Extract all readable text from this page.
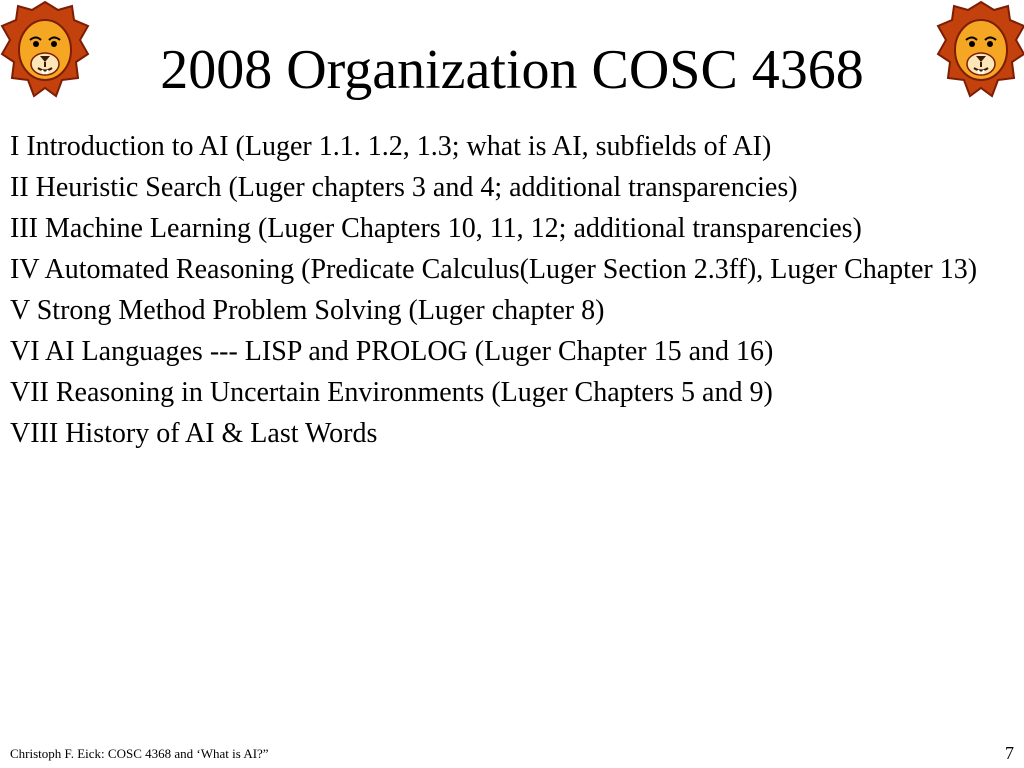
2008 Organization COSC 4368
I Introduction to AI (Luger 1.1. 1.2, 1.3; what is AI, subfields of AI)
II Heuristic Search (Luger chapters 3 and 4; additional transparencies)
III Machine Learning (Luger Chapters 10, 11, 12; additional transparencies)
IV Automated Reasoning (Predicate Calculus(Luger Section 2.3ff), Luger Chapter 13)
V Strong Method Problem Solving (Luger chapter 8)
VI AI Languages --- LISP and PROLOG (Luger Chapter 15 and 16)
VII Reasoning in Uncertain Environments (Luger Chapters 5 and 9)
VIII History of AI & Last Words
Christoph F. Eick: COSC 4368 and ‘What is AI?”	7
